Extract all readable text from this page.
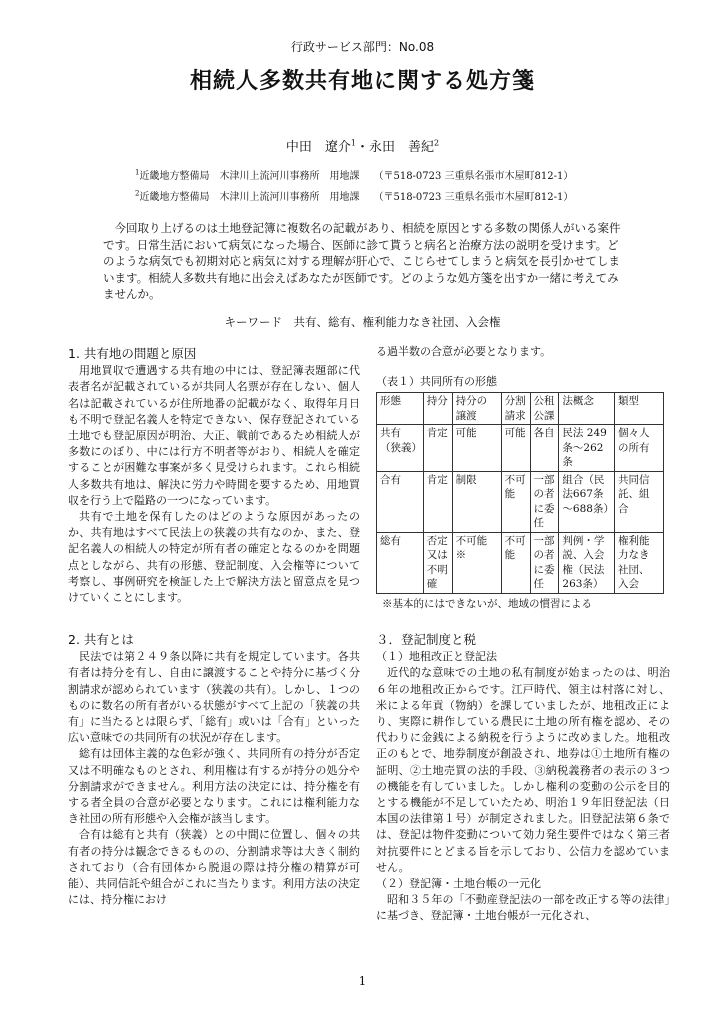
行政サービス部門：No.08
相続人多数共有地に関する処方箋
中田　遼介$^1$・永田　善紀$^2$
$^1$近畿地方整備局　木津川上流河川事務所　用地課 （〒518-0723 三重県名張市木屋町812-1）
$^2$近畿地方整備局　木津川上流河川事務所　用地課 （〒518-0723 三重県名張市木屋町812-1）

今回取り上げるのは土地登記簿に複数名の記載があり、相続を原因とする多数の関係人がいる案件です。日常生活において病気になった場合、医師に診て貰うと病名と治療方法の説明を受けます。どのような病気でも初期対応と病気に対する理解が肝心で、こじらせてしまうと病気を長引かせてしまいます。相続人多数共有地に出会えばあなたが医師です。どのような処方箋を出すか一緒に考えてみませんか。

キーワード　共有、総有、権利能力なき社団、入会権
1. 共有地の問題と原因

用地買収で遭遇する共有地の中には、登記簿表題部に代表者名が記載されているが共同人名票が存在しない、個人名は記載されているが住所地番の記載がなく、取得年月日も不明で登記名義人を特定できない、保存登記されている土地でも登記原因が明治、大正、戦前であるため相続人が多数にのぼり、中には行方不明者等がおり、相続人を確定することが困難な事案が多く見受けられます。これら相続人多数共有地は、解決に労力や時間を要するため、用地買収を行う上で隘路の一つになっています。

共有で土地を保有したのはどのような原因があったのか、共有地はすべて民法上の狭義の共有なのか、また、登記名義人の相続人の特定が所有者の確定となるのかを問題点としながら、共有の形態、登記制度、入会権等について考察し、事例研究を検証した上で解決方法と留意点を見つけていくことにします。

2. 共有とは

民法では第２４９条以降に共有を規定しています。各共有者は持分を有し、自由に譲渡することや持分に基づく分割請求が認められています（狭義の共有）。しかし、１つのものに数名の所有者がいる状態がすべて上記の「狭義の共有」に当たるとは限らず、「総有」或いは「合有」といった広い意味での共同所有の状況が存在します。

総有は団体主義的な色彩が強く、共同所有の持分が否定又は不明確なものとされ、利用権は有するが持分の処分や分割請求ができません。利用方法の決定には、持分権を有する者全員の合意が必要となります。これには権利能力なき社団の所有形態や入会権が該当します。

合有は総有と共有（狭義）との中間に位置し、個々の共有者の持分は観念できるものの、分割請求等は大きく制約されており（合有団体から脱退の際は持分権の精算が可能）、共同信託や組合がこれに当たります。利用方法の決定には、持分権におけ

る過半数の合意が必要となります。

（表１）共同所有の形態
形態	持分	持分の譲渡	分割請求	公租公課	法概念	類型
共有（狭義）	肯定	可能	可能	各自	民法 249条～262条	個々人の所有
合有	肯定	制限	不可能	一部の者に委任	組合（民法667条～688条）	共同信託、組合
総有	否定又は不明確	不可能※	不可能	一部の者に委任	判例・学説、入会権（民法263条）	権利能力なき社団、入会
※基本的にはできないが、地域の慣習による
３．登記制度と税
（１）地租改正と登記法

近代的な意味での土地の私有制度が始まったのは、明治６年の地租改正からです。江戸時代、領主は村落に対し、米による年貢（物納）を課していましたが、地租改正により、実際に耕作している農民に土地の所有権を認め、その代わりに金銭による納税を行うように改めました。地租改正のもとで、地券制度が創設され、地券は①土地所有権の証明、②土地売買の法的手段、③納税義務者の表示の３つの機能を有していました。しかし権利の変動の公示を目的とする機能が不足していたため、明治１９年旧登記法（日本国の法律第１号）が制定されました。旧登記法第６条では、登記は物件変動について効力発生要件ではなく第三者対抗要件にとどまる旨を示しており、公信力を認めていません。

（２）登記簿・土地台帳の一元化

昭和３５年の「不動産登記法の一部を改正する等の法律」に基づき、登記簿・土地台帳が一元化され、

1
